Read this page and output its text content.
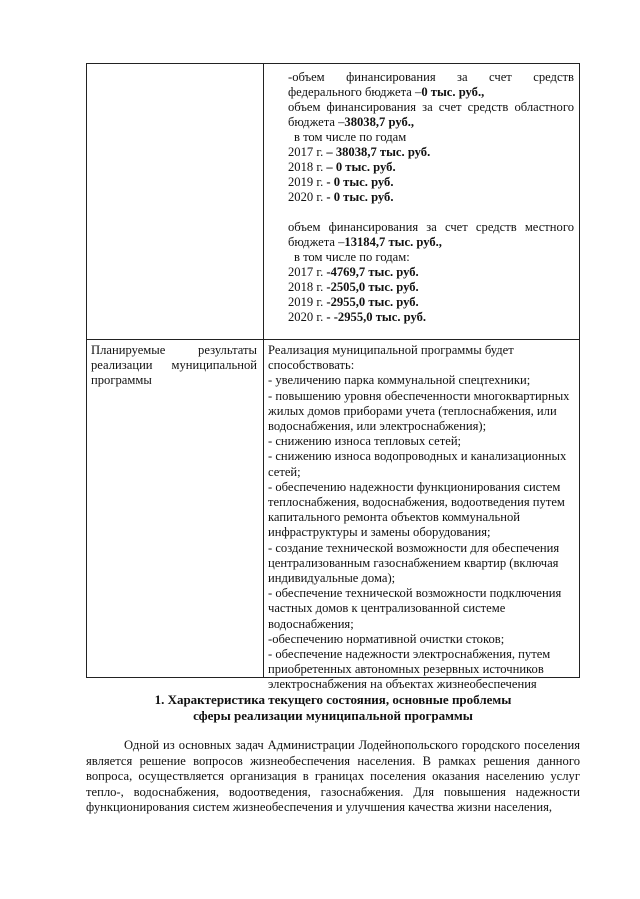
-объем финансирования за счет средств федерального бюджета –0 тыс. руб.,
объем финансирования за счет средств областного бюджета –38038,7 руб.,
в том числе по годам
2017 г. – 38038,7 тыс. руб.
2018 г. – 0 тыс. руб.
2019 г. - 0 тыс. руб.
2020 г. - 0 тыс. руб.
объем финансирования за счет средств местного бюджета –13184,7 тыс. руб.,
в том числе по годам:
2017 г. -4769,7 тыс. руб.
2018 г. -2505,0 тыс. руб.
2019 г. -2955,0 тыс. руб.
2020 г. - -2955,0 тыс. руб.
Планируемые результаты реализации муниципальной программы
Реализация муниципальной программы будет способствовать:
- увеличению парка коммунальной спецтехники;
- повышению уровня обеспеченности многоквартирных жилых домов приборами учета (теплоснабжения, или водоснабжения, или электроснабжения);
- снижению износа тепловых сетей;
- снижению износа водопроводных и канализационных сетей;
- обеспечению надежности функционирования систем теплоснабжения, водоснабжения, водоотведения путем капитального ремонта объектов коммунальной инфраструктуры и замены оборудования;
- создание технической возможности для обеспечения централизованным газоснабжением квартир (включая индивидуальные дома);
- обеспечение технической возможности подключения частных домов к централизованной системе водоснабжения;
-обеспечению нормативной очистки стоков;
- обеспечение надежности электроснабжения, путем приобретенных автономных резервных источников электроснабжения на объектах жизнеобеспечения
1. Характеристика текущего состояния, основные проблемы
сферы реализации муниципальной программы
Одной из основных задач Администрации Лодейнопольского городского поселения является решение вопросов жизнеобеспечения населения. В рамках решения данного вопроса, осуществляется организация в границах поселения оказания населению услуг тепло-, водоснабжения, водоотведения, газоснабжения. Для повышения надежности функционирования систем жизнеобеспечения и улучшения качества жизни населения,
